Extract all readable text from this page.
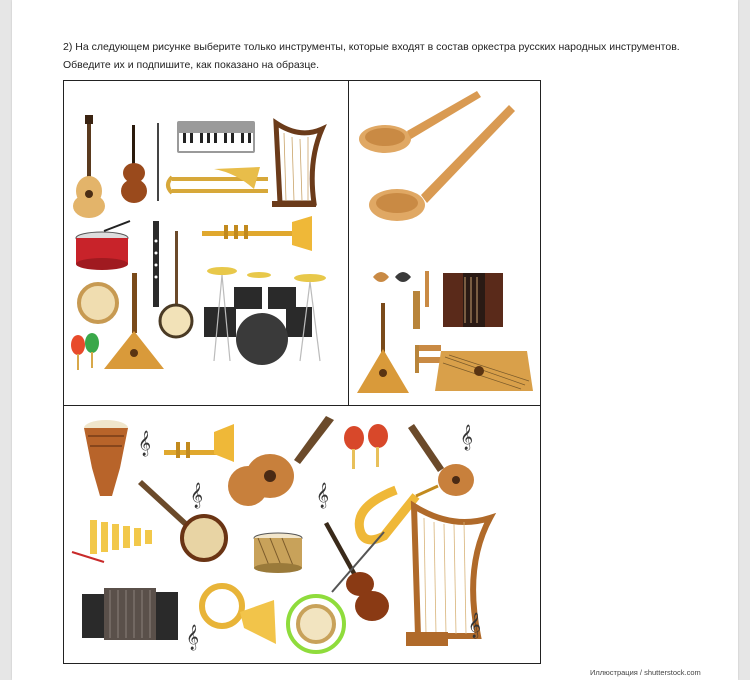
2) На следующем рисунке выберите только инструменты, которые входят в состав оркестра русских народных инструментов.

Обведите их и подпишите, как показано на образце.

𝄞
𝄞	𝄞
𝄞
𝄞	𝄞
Иллюстрация / shutterstock.com
